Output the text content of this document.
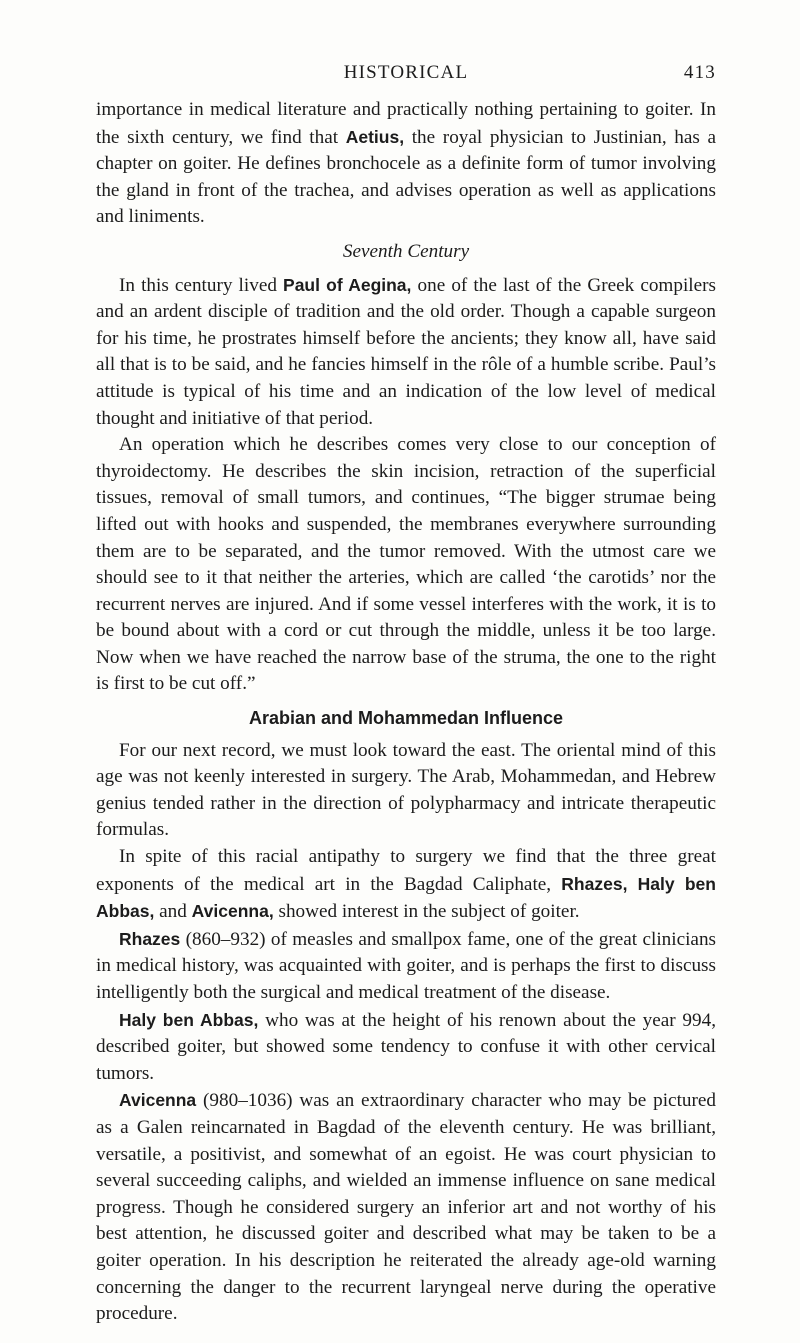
HISTORICAL	413

importance in medical literature and practically nothing pertaining to goiter. In the sixth century, we find that Aetius, the royal physician to Justinian, has a chapter on goiter. He defines bronchocele as a definite form of tumor involving the gland in front of the trachea, and advises operation as well as applications and liniments.

Seventh Century

In this century lived Paul of Aegina, one of the last of the Greek compilers and an ardent disciple of tradition and the old order. Though a capable surgeon for his time, he prostrates himself before the ancients; they know all, have said all that is to be said, and he fancies himself in the rôle of a humble scribe. Paul’s attitude is typical of his time and an indication of the low level of medical thought and initiative of that period.

An operation which he describes comes very close to our conception of thyroidectomy. He describes the skin incision, retraction of the superficial tissues, removal of small tumors, and continues, “The bigger strumae being lifted out with hooks and suspended, the membranes everywhere surrounding them are to be separated, and the tumor removed. With the utmost care we should see to it that neither the arteries, which are called ‘the carotids’ nor the recurrent nerves are injured. And if some vessel interferes with the work, it is to be bound about with a cord or cut through the middle, unless it be too large. Now when we have reached the narrow base of the struma, the one to the right is first to be cut off.”

Arabian and Mohammedan Influence

For our next record, we must look toward the east. The oriental mind of this age was not keenly interested in surgery. The Arab, Mohammedan, and Hebrew genius tended rather in the direction of polypharmacy and intricate therapeutic formulas.

In spite of this racial antipathy to surgery we find that the three great exponents of the medical art in the Bagdad Caliphate, Rhazes, Haly ben Abbas, and Avicenna, showed interest in the subject of goiter.

Rhazes (860–932) of measles and smallpox fame, one of the great clinicians in medical history, was acquainted with goiter, and is perhaps the first to discuss intelligently both the surgical and medical treatment of the disease.

Haly ben Abbas, who was at the height of his renown about the year 994, described goiter, but showed some tendency to confuse it with other cervical tumors.

Avicenna (980–1036) was an extraordinary character who may be pictured as a Galen reincarnated in Bagdad of the eleventh century. He was brilliant, versatile, a positivist, and somewhat of an egoist. He was court physician to several succeeding caliphs, and wielded an immense influence on sane medical progress. Though he considered surgery an inferior art and not worthy of his best attention, he discussed goiter and described what may be taken to be a goiter operation. In his description he reiterated the already age-old warning concerning the danger to the recurrent laryngeal nerve during the operative procedure.
